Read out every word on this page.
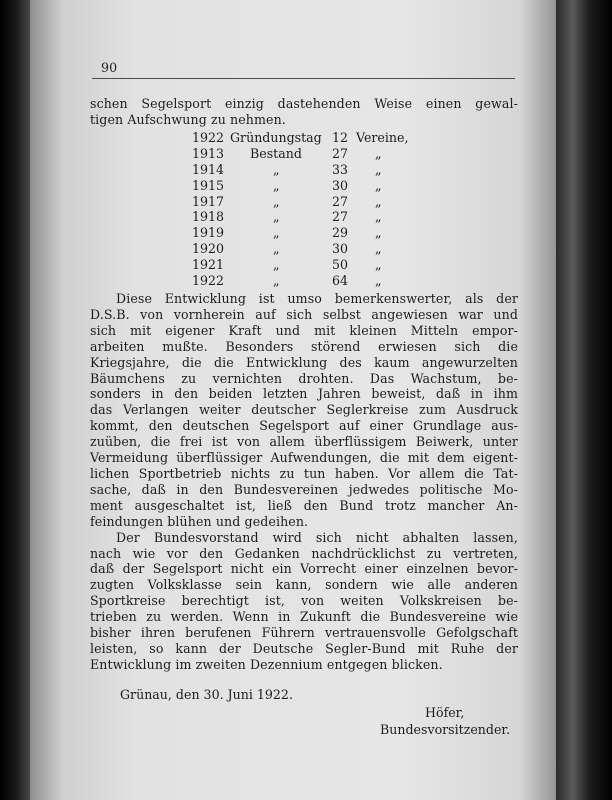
90
schen Segelsport einzig dastehenden Weise einen gewal-
tigen Aufschwung zu nehmen.
1922 Gründungstag 12 Vereine,
1913 Bestand 27 „
1914	„	33 „
1915	„	30 „
1917	„	27 „
1918	„	27 „
1919	„	29 „
1920	„	30 „
1921	„	50 „
1922	„	64 „
Diese Entwicklung ist umso bemerkenswerter, als der
D.S.B. von vornherein auf sich selbst angewiesen war und
sich mit eigener Kraft und mit kleinen Mitteln empor-
arbeiten mußte. Besonders störend erwiesen sich die
Kriegsjahre, die die Entwicklung des kaum angewurzelten
Bäumchens zu vernichten drohten. Das Wachstum, be-
sonders in den beiden letzten Jahren beweist, daß in ihm
das Verlangen weiter deutscher Seglerkreise zum Ausdruck
kommt, den deutschen Segelsport auf einer Grundlage aus-
zuüben, die frei ist von allem überflüssigem Beiwerk, unter
Vermeidung überflüssiger Aufwendungen, die mit dem eigent-
lichen Sportbetrieb nichts zu tun haben. Vor allem die Tat-
sache, daß in den Bundesvereinen jedwedes politische Mo-
ment ausgeschaltet ist, ließ den Bund trotz mancher An-
feindungen blühen und gedeihen.
Der Bundesvorstand wird sich nicht abhalten lassen,
nach wie vor den Gedanken nachdrücklichst zu vertreten,
daß der Segelsport nicht ein Vorrecht einer einzelnen bevor-
zugten Volksklasse sein kann, sondern wie alle anderen
Sportkreise berechtigt ist, von weiten Volkskreisen be-
trieben zu werden. Wenn in Zukunft die Bundesvereine wie
bisher ihren berufenen Führern vertrauensvolle Gefolgschaft
leisten, so kann der Deutsche Segler-Bund mit Ruhe der
Entwicklung im zweiten Dezennium entgegen blicken.
Grünau, den 30. Juni 1922.
Höfer,
Bundesvorsitzender.
